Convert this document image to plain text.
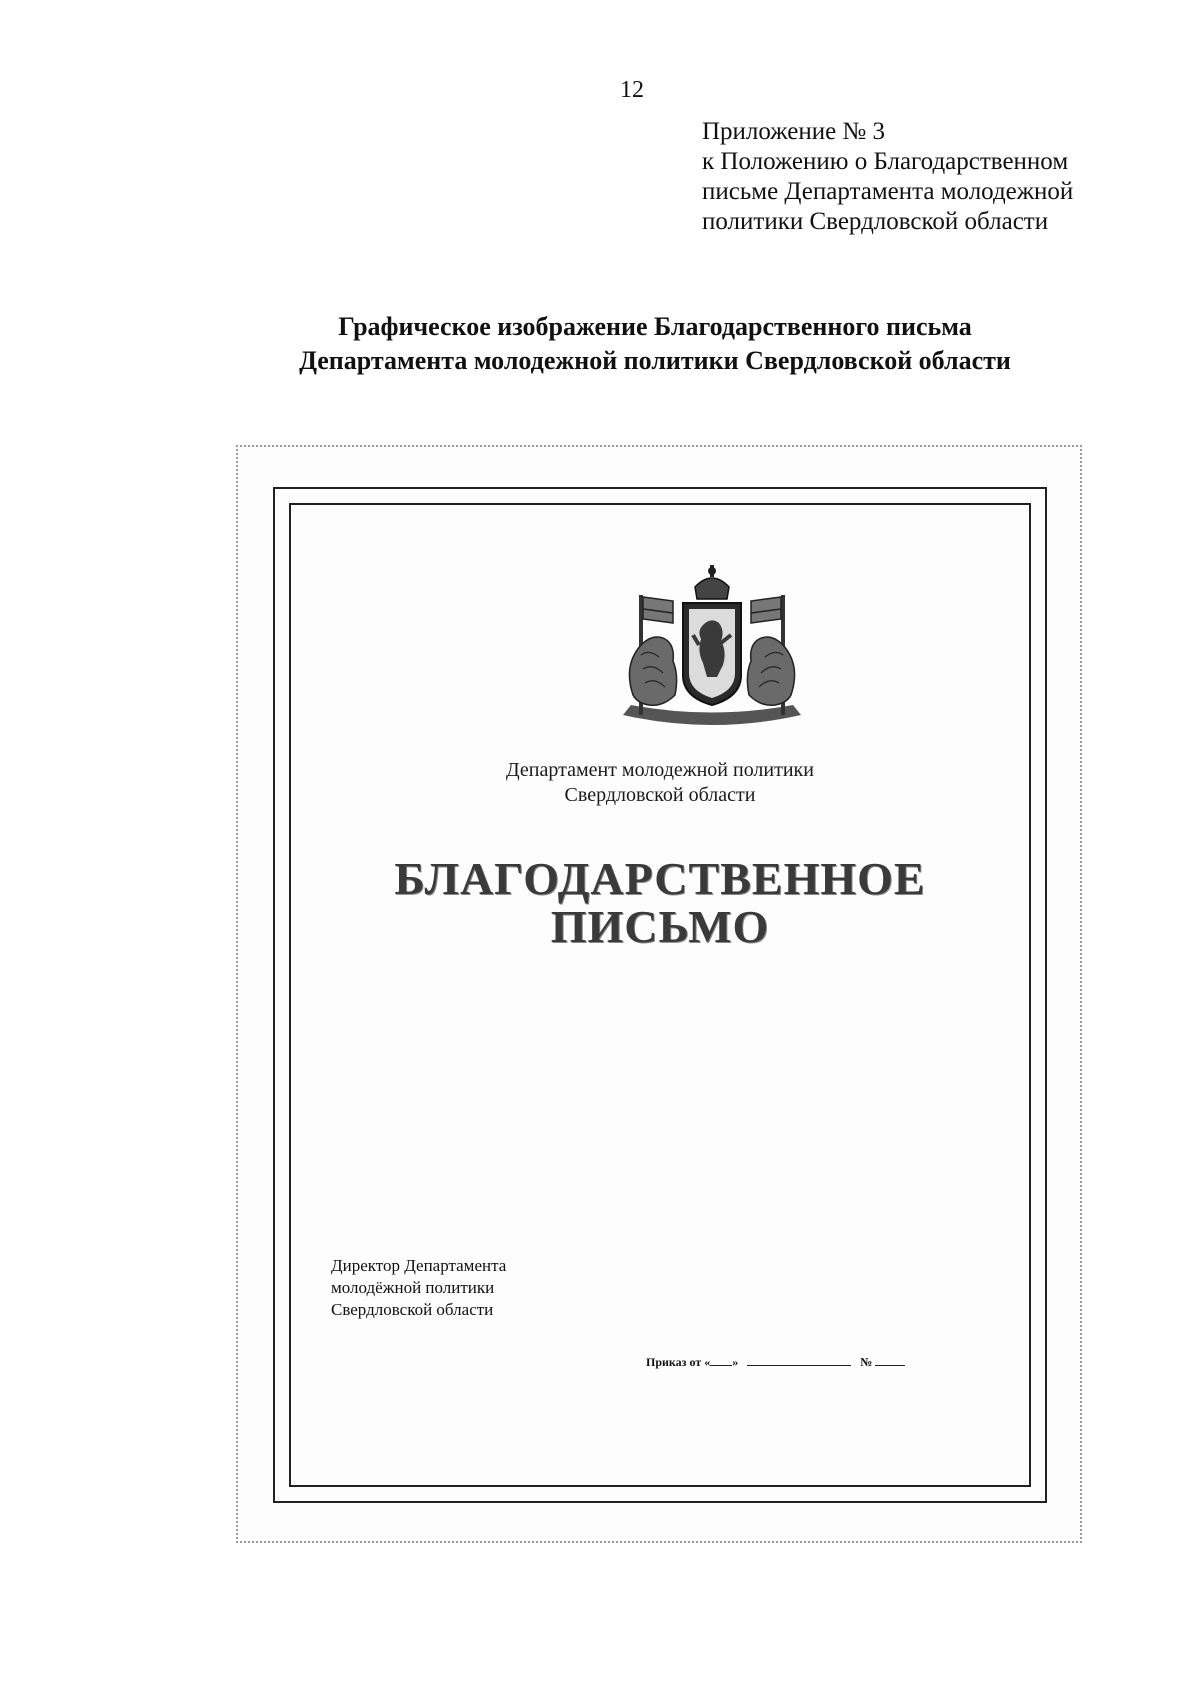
12
Приложение № 3
к Положению о Благодарственном
письме Департамента молодежной
политики Свердловской области
Графическое изображение Благодарственного письма
Департамента молодежной политики Свердловской области
Департамент молодежной политики
Свердловской области
БЛАГОДАРСТВЕННОЕ
ПИСЬМО
Директор Департамента
молодёжной политики
Свердловской области
Приказ от « »	№
